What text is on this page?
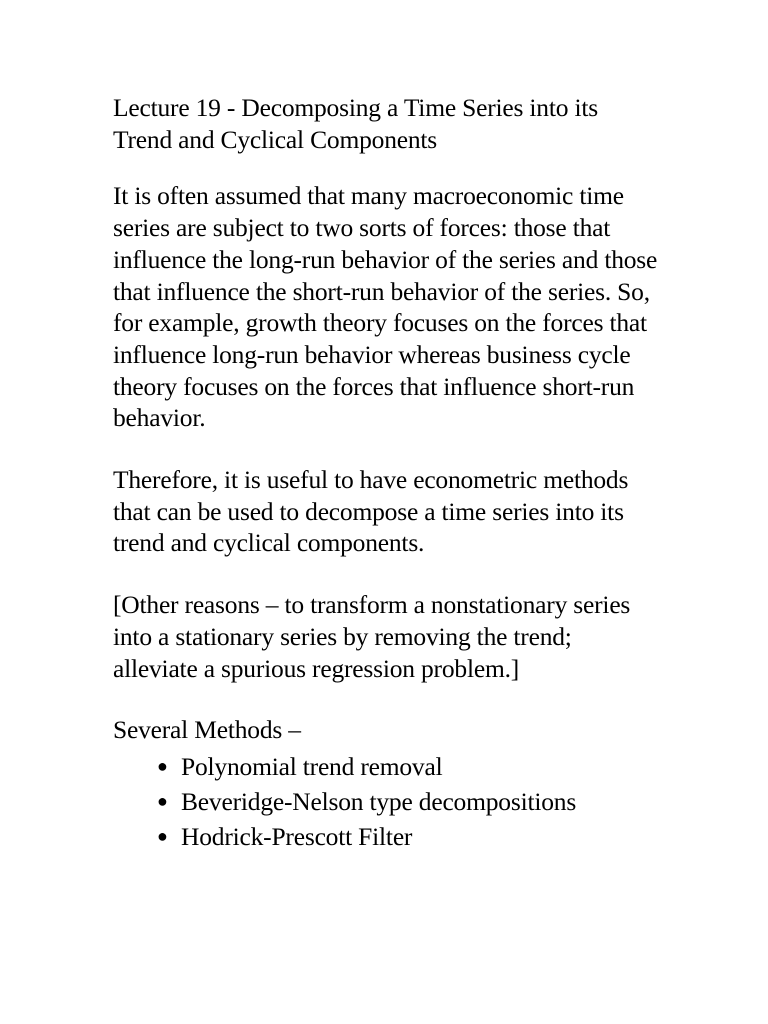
Lecture 19 - Decomposing a Time Series into its Trend and Cyclical Components

It is often assumed that many macroeconomic time series are subject to two sorts of forces: those that influence the long-run behavior of the series and those that influence the short-run behavior of the series. So, for example, growth theory focuses on the forces that influence long-run behavior whereas business cycle theory focuses on the forces that influence short-run behavior.

Therefore, it is useful to have econometric methods that can be used to decompose a time series into its trend and cyclical components.

[Other reasons – to transform a nonstationary series into a stationary series by removing the trend; alleviate a spurious regression problem.]

Several Methods –

● Polynomial trend removal
● Beveridge-Nelson type decompositions
● Hodrick-Prescott Filter
